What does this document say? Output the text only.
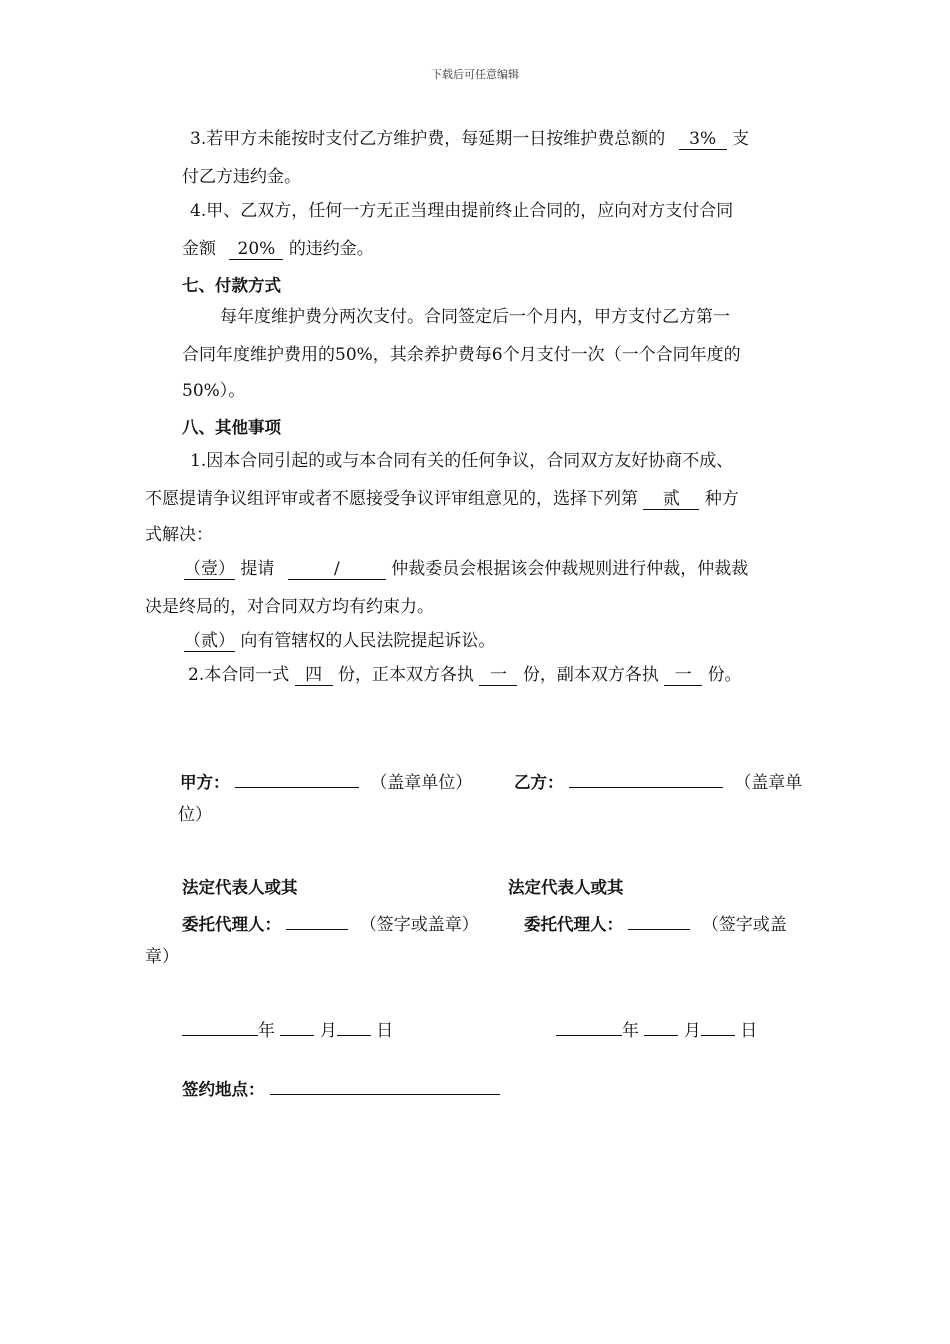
下载后可任意编辑
3.若甲方未能按时支付乙方维护费，每延期一日按维护费总额的 3% 支
付乙方违约金。
4.甲、乙双方，任何一方无正当理由提前终止合同的，应向对方支付合同
金额 20% 的违约金。
七、付款方式
每年度维护费分两次支付。合同签定后一个月内，甲方支付乙方第一
合同年度维护费用的50%，其余养护费每6个月支付一次（一个合同年度的
50%）。
八、其他事项
1.因本合同引起的或与本合同有关的任何争议，合同双方友好协商不成、
不愿提请争议组评审或者不愿接受争议评审组意见的，选择下列第 贰 种方
式解决：
（壹） 提请	/	仲裁委员会根据该会仲裁规则进行仲裁，仲裁裁
决是终局的，对合同双方均有约束力。
（贰） 向有管辖权的人民法院提起诉讼。
2.本合同一式 四 份，正本双方各执 一 份，副本双方各执 一 份。
甲方：	（盖章单位）	乙方：	（盖章单
位）
法定代表人或其	法定代表人或其
委托代理人：	（签字或盖章）	委托代理人：	（签字或盖
章）
年	月 日	年	月 日
签约地点：
